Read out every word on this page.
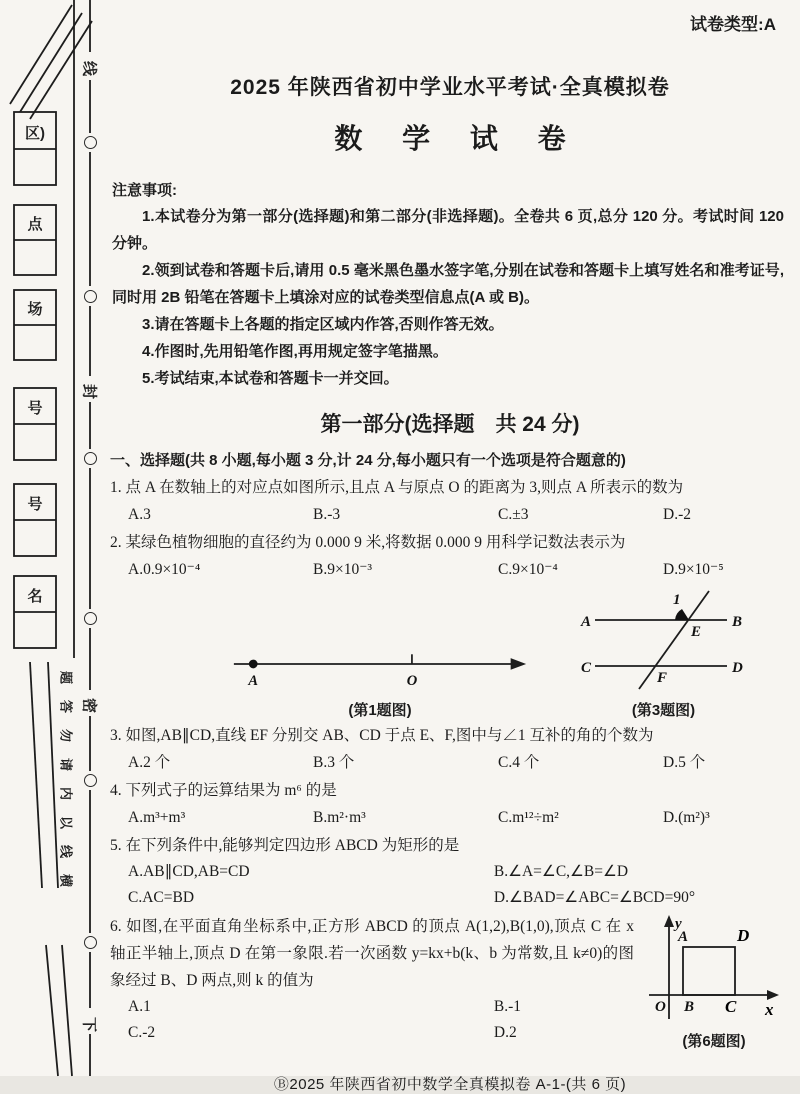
区)
点
场
号
号
名
线
封
密
下
题
答
勿
请
内
以
线
横
试卷类型:A
2025 年陕西省初中学业水平考试·全真模拟卷
数 学 试 卷
注意事项:

1.本试卷分为第一部分(选择题)和第二部分(非选择题)。全卷共 6 页,总分 120 分。考试时间 120 分钟。

2.领到试卷和答题卡后,请用 0.5 毫米黑色墨水签字笔,分别在试卷和答题卡上填写姓名和准考证号,同时用 2B 铅笔在答题卡上填涂对应的试卷类型信息点(A 或 B)。

3.请在答题卡上各题的指定区域内作答,否则作答无效。

4.作图时,先用铅笔作图,再用规定签字笔描黑。

5.考试结束,本试卷和答题卡一并交回。

第一部分(选择题　共 24 分)
一、选择题(共 8 小题,每小题 3 分,计 24 分,每小题只有一个选项是符合题意的)

1. 点 A 在数轴上的对应点如图所示,且点 A 与原点 O 的距离为 3,则点 A 所表示的数为

A.3	B.-3	C.±3	D.-2

2. 某绿色植物细胞的直径约为 0.000 9 米,将数据 0.000 9 用科学记数法表示为

A.0.9×10⁻⁴	B.9×10⁻³	C.9×10⁻⁴	D.9×10⁻⁵
A	O
(第1题图)
A	B
C	D
E
F
1
(第3题图)

3. 如图,AB∥CD,直线 EF 分别交 AB、CD 于点 E、F,图中与∠1 互补的角的个数为

A.2 个	B.3 个	C.4 个	D.5 个

4. 下列式子的运算结果为 m⁶ 的是

A.m³+m³	B.m²·m³	C.m¹²÷m²	D.(m²)³

5. 在下列条件中,能够判定四边形 ABCD 为矩形的是

A.AB∥CD,AB=CD	B.∠A=∠C,∠B=∠D
C.AC=BD	D.∠BAD=∠ABC=∠BCD=90°
y
x
O
A	D
B C
(第6题图)

6. 如图,在平面直角坐标系中,正方形 ABCD 的顶点 A(1,2),B(1,0),顶点 C 在 x 轴正半轴上,顶点 D 在第一象限.若一次函数 y=kx+b(k、b 为常数,且 k≠0)的图象经过 B、D 两点,则 k 的值为

A.1	B.-1
C.-2	D.2
Ⓑ2025 年陕西省初中数学全真模拟卷 A-1-(共 6 页)
